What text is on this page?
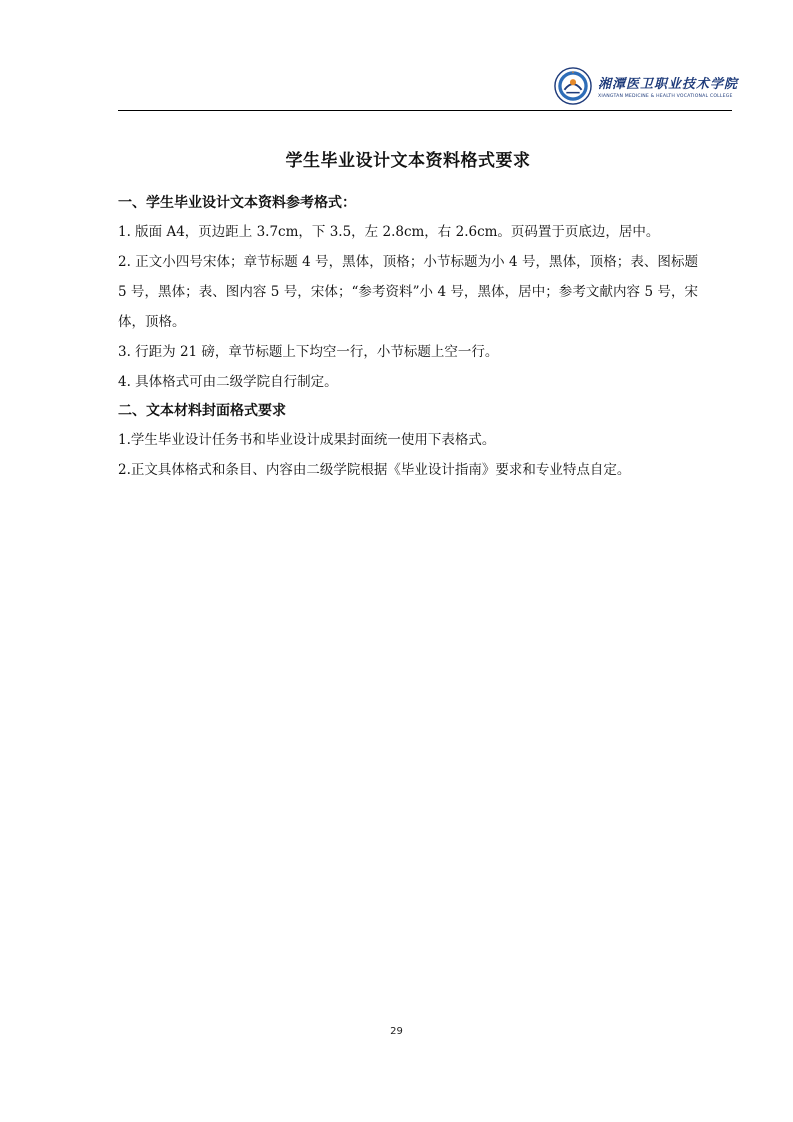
湘潭医卫职业技术学院
XIANGTAN MEDICINE & HEALTH VOCATIONAL COLLEGE
学生毕业设计文本资料格式要求
一、学生毕业设计文本资料参考格式：

1. 版面 A4，页边距上 3.7cm，下 3.5，左 2.8cm，右 2.6cm。页码置于页底边，居中。

2. 正文小四号宋体；章节标题 4 号，黑体，顶格；小节标题为小 4 号，黑体，顶格；表、图标题 5 号，黑体；表、图内容 5 号，宋体；“参考资料”小 4 号，黑体，居中；参考文献内容 5 号，宋体，顶格。

3. 行距为 21 磅，章节标题上下均空一行，小节标题上空一行。

4. 具体格式可由二级学院自行制定。

二、文本材料封面格式要求

1.学生毕业设计任务书和毕业设计成果封面统一使用下表格式。

2.正文具体格式和条目、内容由二级学院根据《毕业设计指南》要求和专业特点自定。

29
